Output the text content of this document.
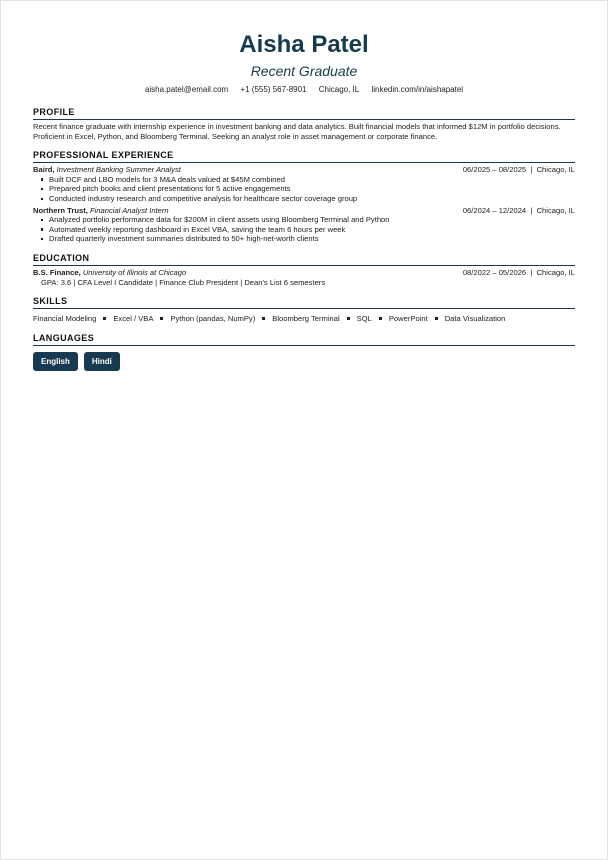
Aisha Patel
Recent Graduate
aisha.patel@email.com +1 (555) 567-8901 Chicago, IL linkedin.com/in/aishapatel
PROFILE
Recent finance graduate with internship experience in investment banking and data analytics. Built financial models that informed $12M in portfolio decisions. Proficient in Excel, Python, and Bloomberg Terminal. Seeking an analyst role in asset management or corporate finance.
PROFESSIONAL EXPERIENCE
Baird, Investment Banking Summer Analyst	06/2025 – 08/2025  |  Chicago, IL
Built DCF and LBO models for 3 M&A deals valued at $45M combined
Prepared pitch books and client presentations for 5 active engagements
Conducted industry research and competitive analysis for healthcare sector coverage group
Northern Trust, Financial Analyst Intern	06/2024 – 12/2024  |  Chicago, IL
Analyzed portfolio performance data for $200M in client assets using Bloomberg Terminal and Python
Automated weekly reporting dashboard in Excel VBA, saving the team 6 hours per week
Drafted quarterly investment summaries distributed to 50+ high-net-worth clients
EDUCATION
B.S. Finance, University of Illinois at Chicago	08/2022 – 05/2026  |  Chicago, IL
GPA: 3.6 | CFA Level I Candidate | Finance Club President | Dean's List 6 semesters
SKILLS
Financial Modeling Excel / VBA Python (pandas, NumPy) Bloomberg Terminal SQL PowerPoint Data Visualization
LANGUAGES
English	Hindi
